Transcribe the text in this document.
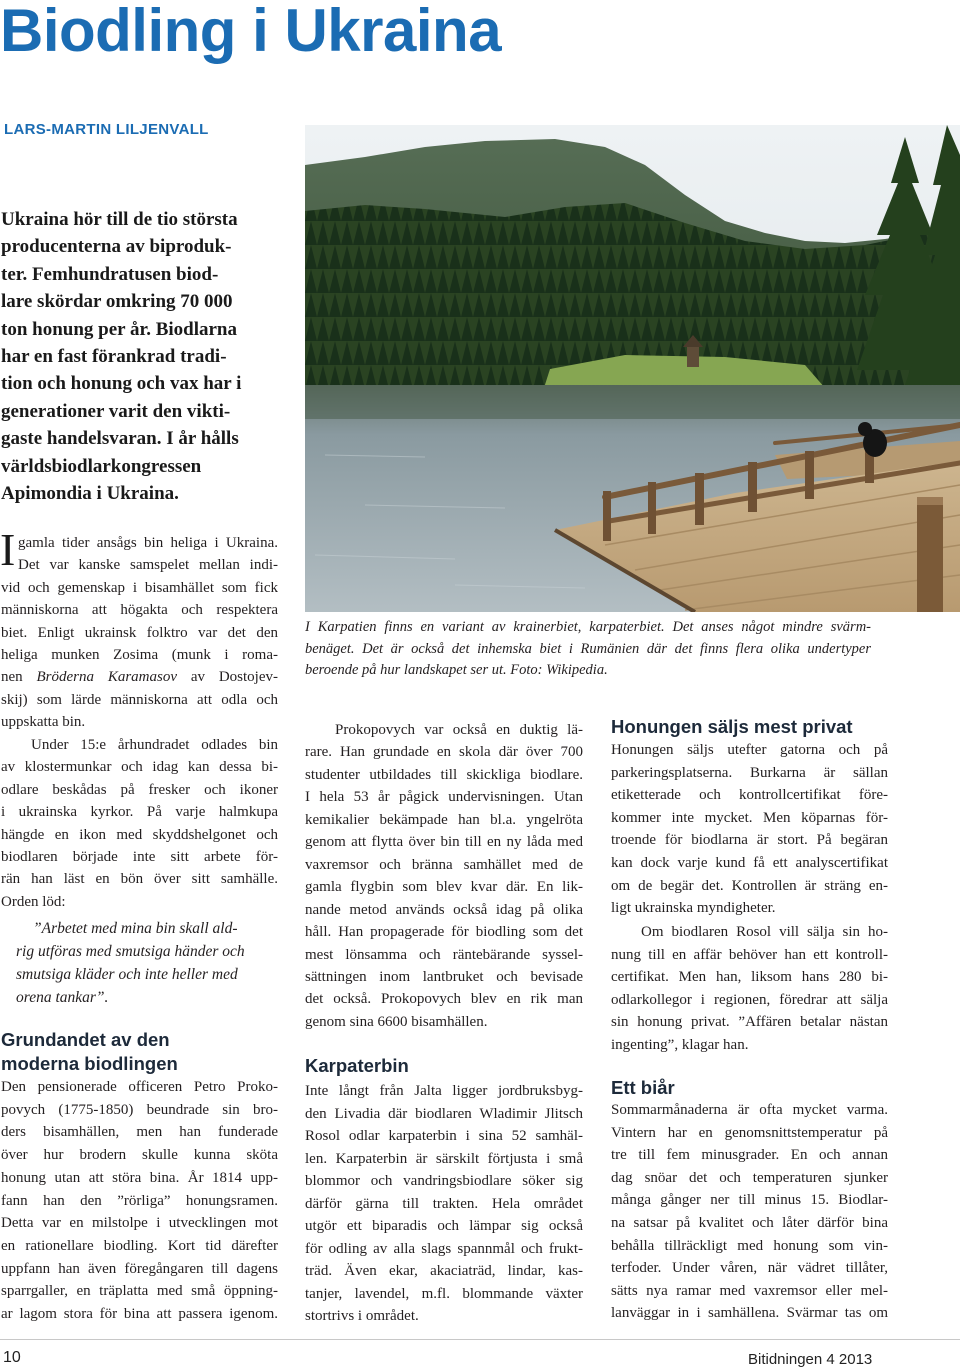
Biodling i Ukraina
LARS-MARTIN LILJENVALL
Ukraina hör till de tio största
producenterna av biproduk-
ter. Femhundratusen biod-
lare skördar omkring 70 000
ton honung per år. Biodlarna
har en fast förankrad tradi-
tion och honung och vax har i
generationer varit den vikti-
gaste handelsvaran. I år hålls
världsbiodlarkongressen
Apimondia i Ukraina.
I Karpatien finns en variant av krainerbiet, karpaterbiet. Det anses något mindre svärm-
benäget. Det är också det inhemska biet i Rumänien där det finns flera olika undertyper
beroende på hur landskapet ser ut. Foto: Wikipedia.
I gamla tider ansågs bin heliga i Ukraina.
Det var kanske samspelet mellan indi-
vid och gemenskap i bisamhället som fick
människorna att högakta och respektera
biet. Enligt ukrainsk folktro var det den
heliga munken Zosima (munk i roma-
nen Bröderna Karamasov av Dostojev-
skij) som lärde människorna att odla och
uppskatta bin.
Under 15:e århundradet odlades bin
av klostermunkar och idag kan dessa bi-
odlare beskådas på fresker och ikoner
i ukrainska kyrkor. På varje halmkupa
hängde en ikon med skyddshelgonet och
biodlaren började inte sitt arbete för-
rän han läst en bön över sitt samhälle.
Orden löd:
”Arbetet med mina bin skall ald-
rig utföras med smutsiga händer och
smutsiga kläder och inte heller med
orena tankar”.
Grundandet av den
moderna biodlingen
Den pensionerade officeren Petro Proko-
povych (1775-1850) beundrade sin bro-
ders bisamhällen, men han funderade
över hur brodern skulle kunna sköta
honung utan att störa bina. År 1814 upp-
fann han den ”rörliga” honungsramen.
Detta var en milstolpe i utvecklingen mot
en rationellare biodling. Kort tid därefter
uppfann han även föregångaren till dagens
sparrgaller, en träplatta med små öppning-
ar lagom stora för bina att passera igenom.
Prokopovych var också en duktig lä-
rare. Han grundade en skola där över 700
studenter utbildades till skickliga biodlare.
I hela 53 år pågick undervisningen. Utan
kemikalier bekämpade han bl.a. yngelröta
genom att flytta över bin till en ny låda med
vaxremsor och bränna samhället med de
gamla flygbin som blev kvar där. En lik-
nande metod används också idag på olika
håll. Han propagerade för biodling som det
mest lönsamma och räntebärande syssel-
sättningen inom lantbruket och bevisade
det också. Prokopovych blev en rik man
genom sina 6600 bisamhällen.
Karpaterbin
Inte långt från Jalta ligger jordbruksbyg-
den Livadia där biodlaren Wladimir Jlitsch
Rosol odlar karpaterbin i sina 52 samhäl-
len. Karpaterbin är särskilt förtjusta i små
blommor och vandringsbiodlare söker sig
därför gärna till trakten. Hela området
utgör ett biparadis och lämpar sig också
för odling av alla slags spannmål och frukt-
träd. Även ekar, akaciaträd, lindar, kas-
tanjer, lavendel, m.fl. blommande växter
stortrivs i området.
Honungen säljs mest privat
Honungen säljs utefter gatorna och på
parkeringsplatserna. Burkarna är sällan
etiketterade och kontrollcertifikat före-
kommer inte mycket. Men köparnas för-
troende för biodlarna är stort. På begäran
kan dock varje kund få ett analyscertifikat
om de begär det. Kontrollen är sträng en-
ligt ukrainska myndigheter.
Om biodlaren Rosol vill sälja sin ho-
nung till en affär behöver han ett kontroll-
certifikat. Men han, liksom hans 280 bi-
odlarkollegor i regionen, föredrar att sälja
sin honung privat. ”Affären betalar nästan
ingenting”, klagar han.
Ett biår
Sommarmånaderna är ofta mycket varma.
Vintern har en genomsnittstemperatur på
tre till fem minusgrader. En och annan
dag snöar det och temperaturen sjunker
många gånger ner till minus 15. Biodlar-
na satsar på kvalitet och låter därför bina
behålla tillräckligt med honung som vin-
terfoder. Under våren, när vädret tillåter,
sätts nya ramar med vaxremsor eller mel-
lanväggar in i samhällena. Svärmar tas om
10	Bitidningen 4 2013
